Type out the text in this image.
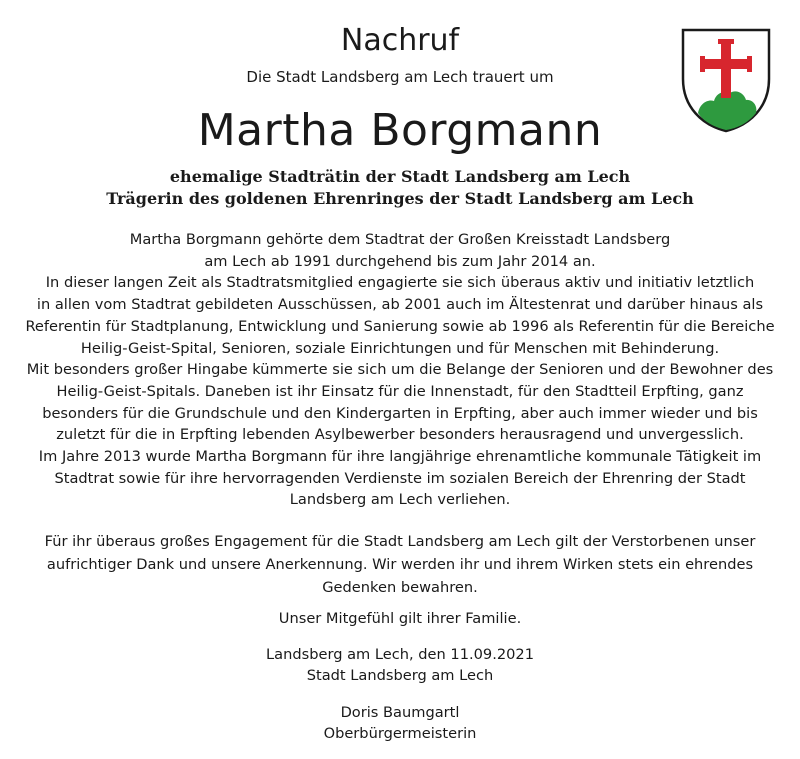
Nachruf
Die Stadt Landsberg am Lech trauert um
Martha Borgmann
ehemalige Stadträtin der Stadt Landsberg am Lech
Trägerin des goldenen Ehrenringes der Stadt Landsberg am Lech
Martha Borgmann gehörte dem Stadtrat der Großen Kreisstadt Landsberg
am Lech ab 1991 durchgehend bis zum Jahr 2014 an.
In dieser langen Zeit als Stadtratsmitglied engagierte sie sich überaus aktiv und initiativ letztlich
in allen vom Stadtrat gebildeten Ausschüssen, ab 2001 auch im Ältestenrat und darüber hinaus als
Referentin für Stadtplanung, Entwicklung und Sanierung sowie ab 1996 als Referentin für die Bereiche
Heilig-Geist-Spital, Senioren, soziale Einrichtungen und für Menschen mit Behinderung.
Mit besonders großer Hingabe kümmerte sie sich um die Belange der Senioren und der Bewohner des
Heilig-Geist-Spitals. Daneben ist ihr Einsatz für die Innenstadt, für den Stadtteil Erpfting, ganz
besonders für die Grundschule und den Kindergarten in Erpfting, aber auch immer wieder und bis
zuletzt für die in Erpfting lebenden Asylbewerber besonders herausragend und unvergesslich.
Im Jahre 2013 wurde Martha Borgmann für ihre langjährige ehrenamtliche kommunale Tätigkeit im
Stadtrat sowie für ihre hervorragenden Verdienste im sozialen Bereich der Ehrenring der Stadt
Landsberg am Lech verliehen.
Für ihr überaus großes Engagement für die Stadt Landsberg am Lech gilt der Verstorbenen unser
aufrichtiger Dank und unsere Anerkennung. Wir werden ihr und ihrem Wirken stets ein ehrendes
Gedenken bewahren.
Unser Mitgefühl gilt ihrer Familie.
Landsberg am Lech, den 11.09.2021
Stadt Landsberg am Lech
Doris Baumgartl
Oberbürgermeisterin
